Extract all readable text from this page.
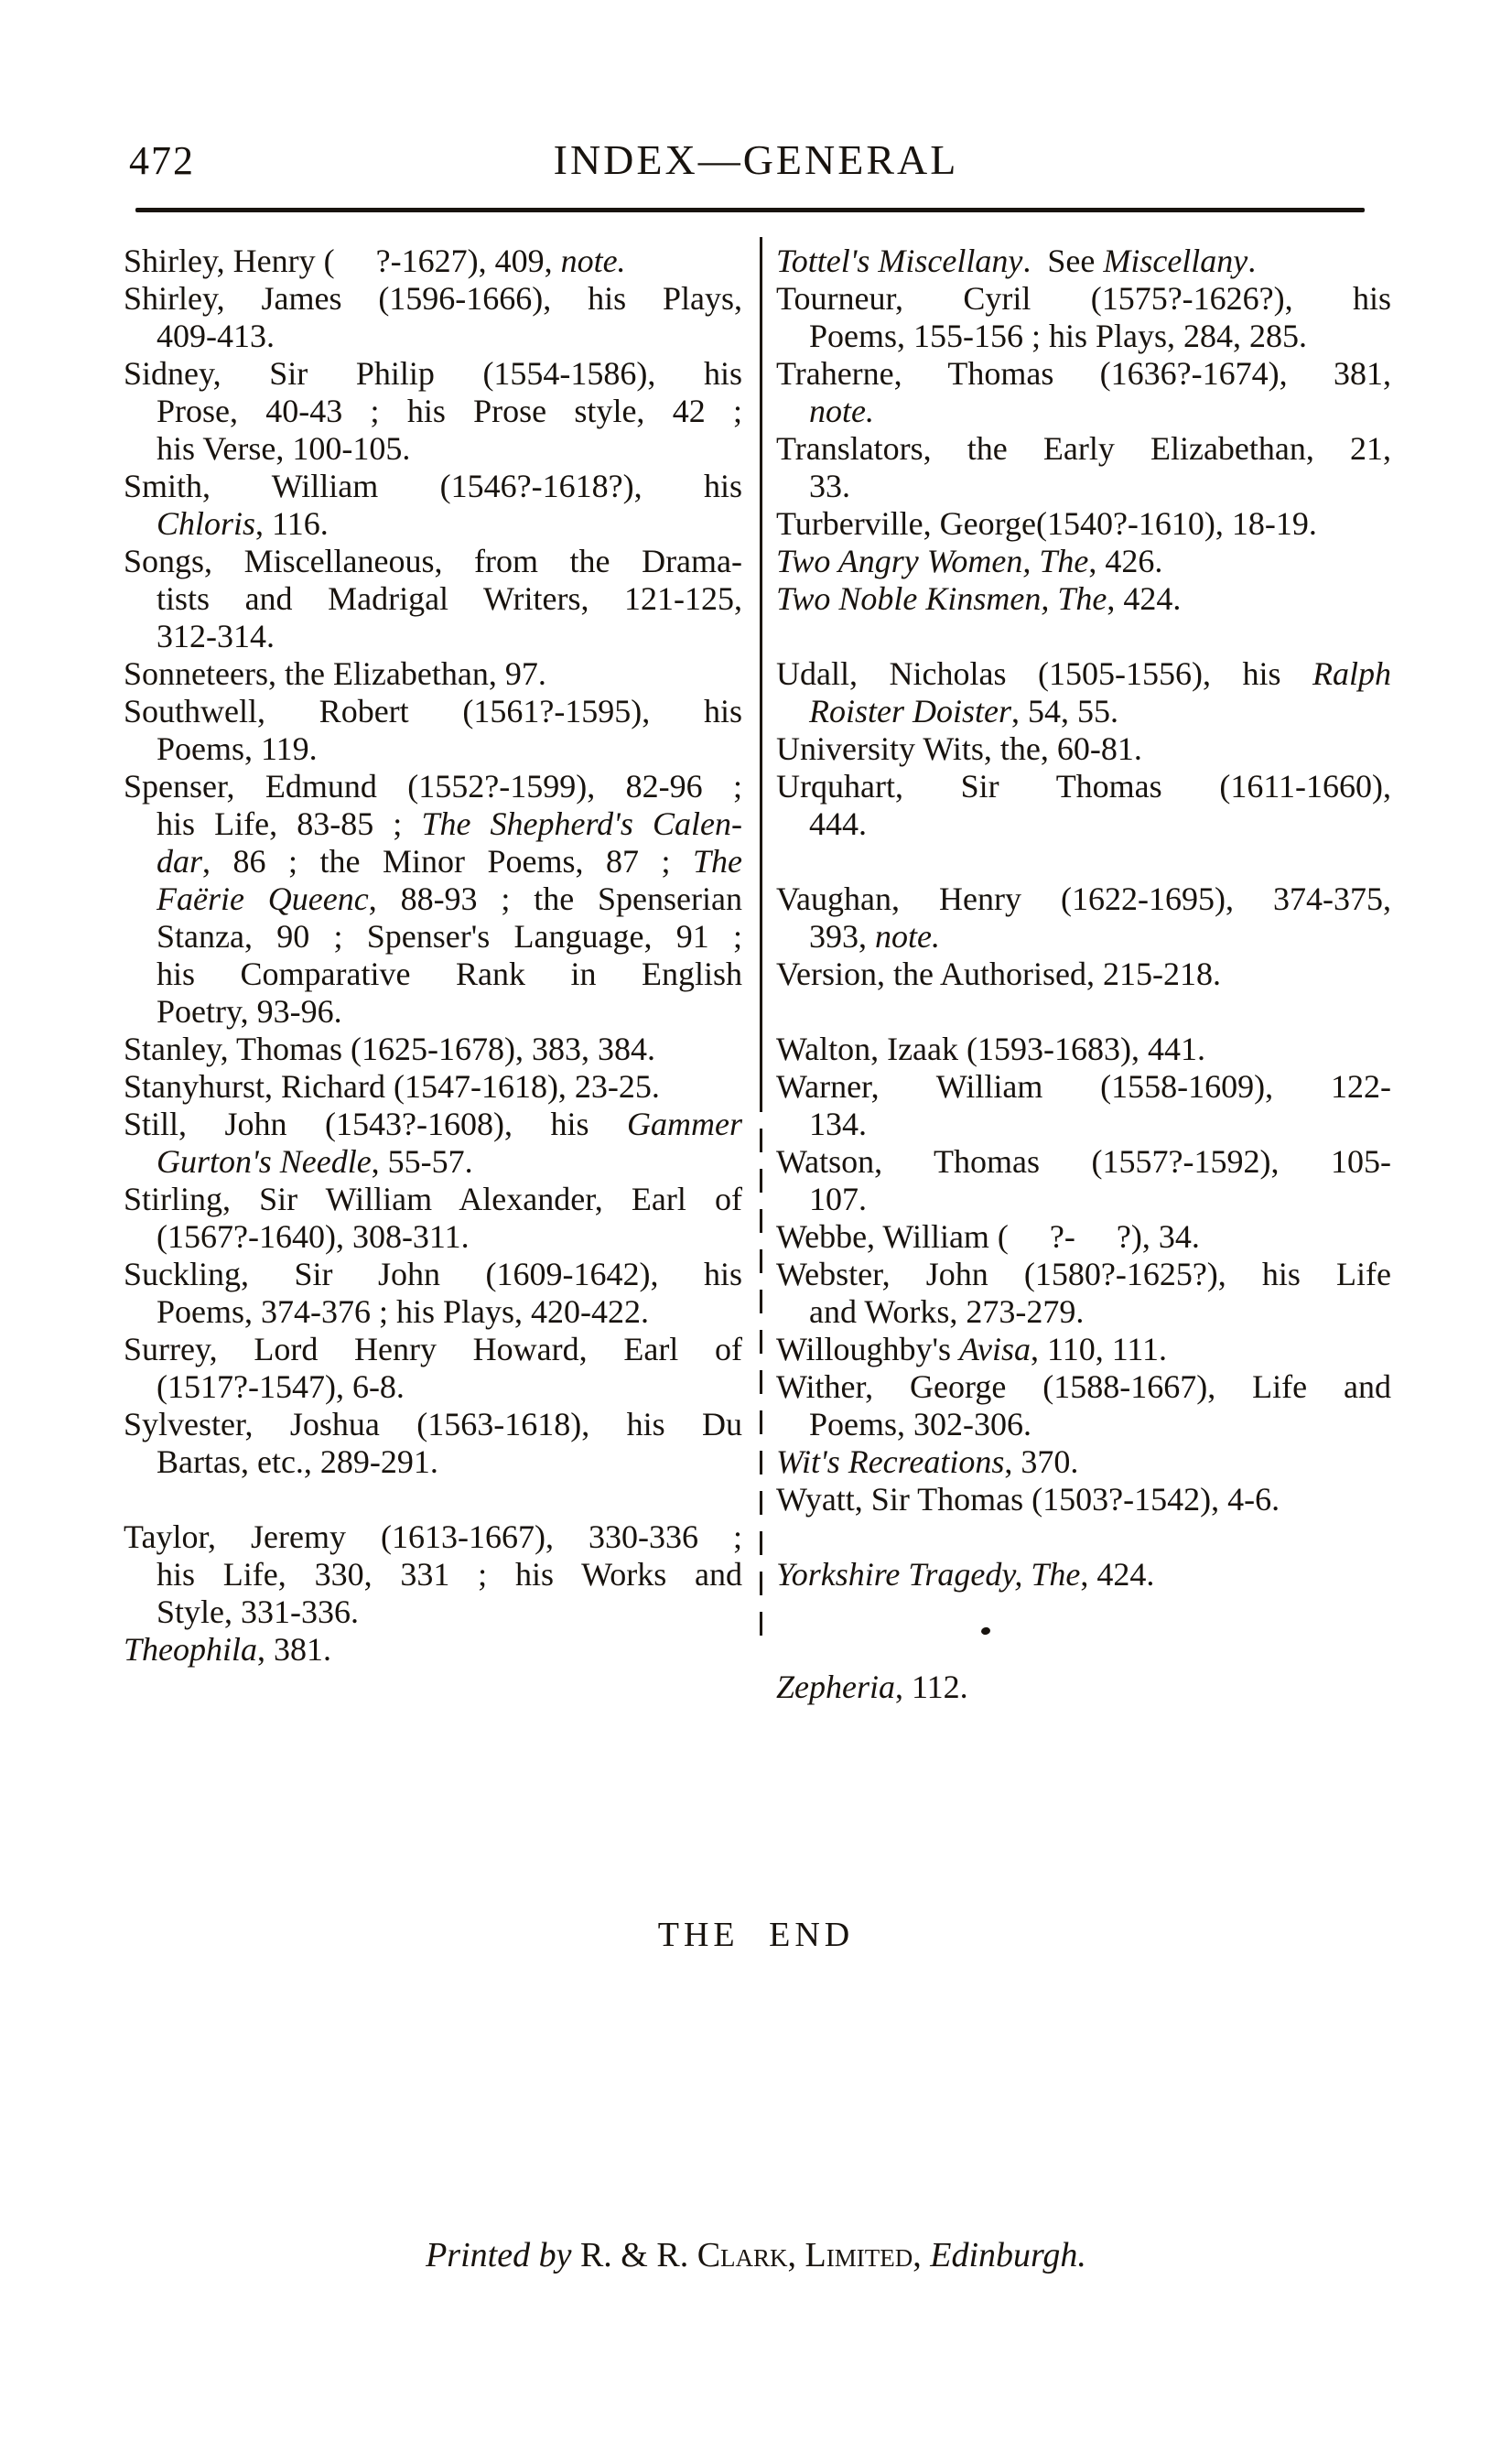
472	INDEX—GENERAL
Shirley, Henry (     ?-1627), 409, note.
Shirley, James (1596-1666), his Plays,
409-413.
Sidney, Sir Philip (1554-1586), his
Prose, 40-43 ; his Prose style, 42 ;
his Verse, 100-105.
Smith, William (1546?-1618?), his
Chloris, 116.
Songs, Miscellaneous, from the Drama-
tists and Madrigal Writers, 121-125,
312-314.
Sonneteers, the Elizabethan, 97.
Southwell, Robert (1561?-1595), his
Poems, 119.
Spenser, Edmund (1552?-1599), 82-96 ;
his Life, 83-85 ; The Shepherd's Calen-
dar, 86 ; the Minor Poems, 87 ; The
Faërie Queenc, 88-93 ; the Spenserian
Stanza, 90 ; Spenser's Language, 91 ;
his Comparative Rank in English
Poetry, 93-96.
Stanley, Thomas (1625-1678), 383, 384.
Stanyhurst, Richard (1547-1618), 23-25.
Still, John (1543?-1608), his Gammer
Gurton's Needle, 55-57.
Stirling, Sir William Alexander, Earl of
(1567?-1640), 308-311.
Suckling, Sir John (1609-1642), his
Poems, 374-376 ; his Plays, 420-422.
Surrey, Lord Henry Howard, Earl of
(1517?-1547), 6-8.
Sylvester, Joshua (1563-1618), his Du
Bartas, etc., 289-291.
Taylor, Jeremy (1613-1667), 330-336 ;
his Life, 330, 331 ; his Works and
Style, 331-336.
Theophila, 381.
Tottel's Miscellany.  See Miscellany.
Tourneur, Cyril (1575?-1626?), his
Poems, 155-156 ; his Plays, 284, 285.
Traherne, Thomas (1636?-1674), 381,
note.
Translators, the Early Elizabethan, 21,
33.
Turberville, George(1540?-1610), 18-19.
Two Angry Women, The, 426.
Two Noble Kinsmen, The, 424.
Udall, Nicholas (1505-1556), his Ralph
Roister Doister, 54, 55.
University Wits, the, 60-81.
Urquhart, Sir Thomas (1611-1660),
444.
Vaughan, Henry (1622-1695), 374-375,
393, note.
Version, the Authorised, 215-218.
Walton, Izaak (1593-1683), 441.
Warner, William (1558-1609), 122-
134.
Watson, Thomas (1557?-1592), 105-
107.
Webbe, William (     ?-     ?), 34.
Webster, John (1580?-1625?), his Life
and Works, 273-279.
Willoughby's Avisa, 110, 111.
Wither, George (1588-1667), Life and
Poems, 302-306.
Wit's Recreations, 370.
Wyatt, Sir Thomas (1503?-1542), 4-6.
Yorkshire Tragedy, The, 424.
Zepheria, 112.
THE END
Printed by R. & R. Clark, Limited, Edinburgh.
